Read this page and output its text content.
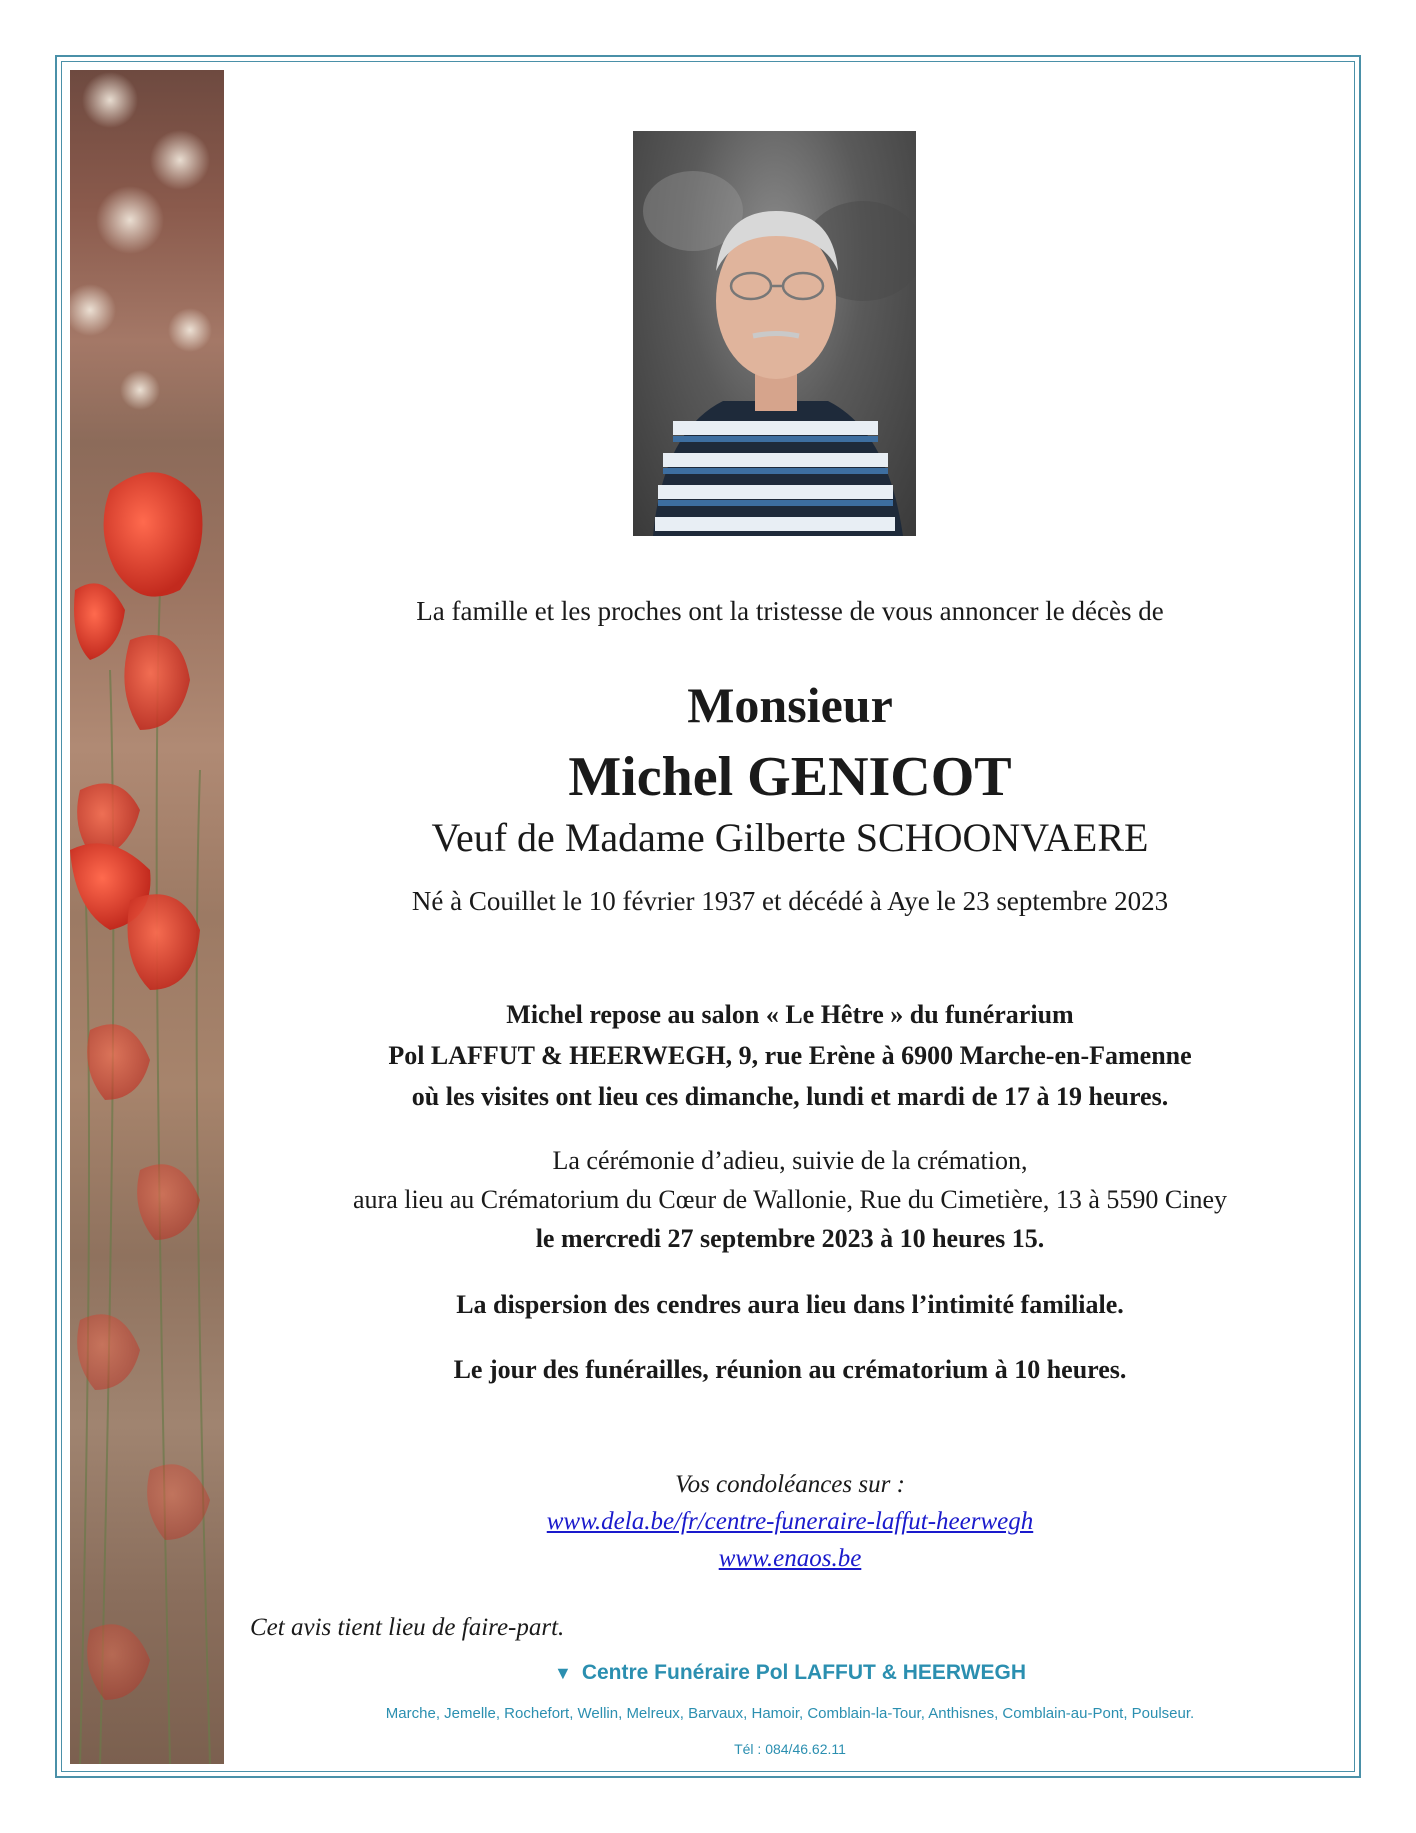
La famille et les proches ont la tristesse de vous annoncer le décès de

Monsieur

Michel GENICOT

Veuf de Madame Gilberte SCHOONVAERE

Né à Couillet le 10 février 1937 et décédé à Aye le 23 septembre 2023

Michel repose au salon « Le Hêtre » du funérarium
Pol LAFFUT & HEERWEGH, 9, rue Erène à 6900 Marche-en-Famenne
où les visites ont lieu ces dimanche, lundi et mardi de 17 à 19 heures.
La cérémonie d’adieu, suivie de la crémation,
aura lieu au Crématorium du Cœur de Wallonie, Rue du Cimetière, 13 à 5590 Ciney
le mercredi 27 septembre 2023 à 10 heures 15.

La dispersion des cendres aura lieu dans l’intimité familiale.

Le jour des funérailles, réunion au crématorium à 10 heures.

Vos condoléances sur :
www.dela.be/fr/centre-funeraire-laffut-heerwegh
www.enaos.be

Cet avis tient lieu de faire-part.

▼ Centre Funéraire Pol LAFFUT & HEERWEGH

Marche, Jemelle, Rochefort, Wellin, Melreux, Barvaux, Hamoir, Comblain-la-Tour, Anthisnes, Comblain-au-Pont, Poulseur.

Tél : 084/46.62.11
